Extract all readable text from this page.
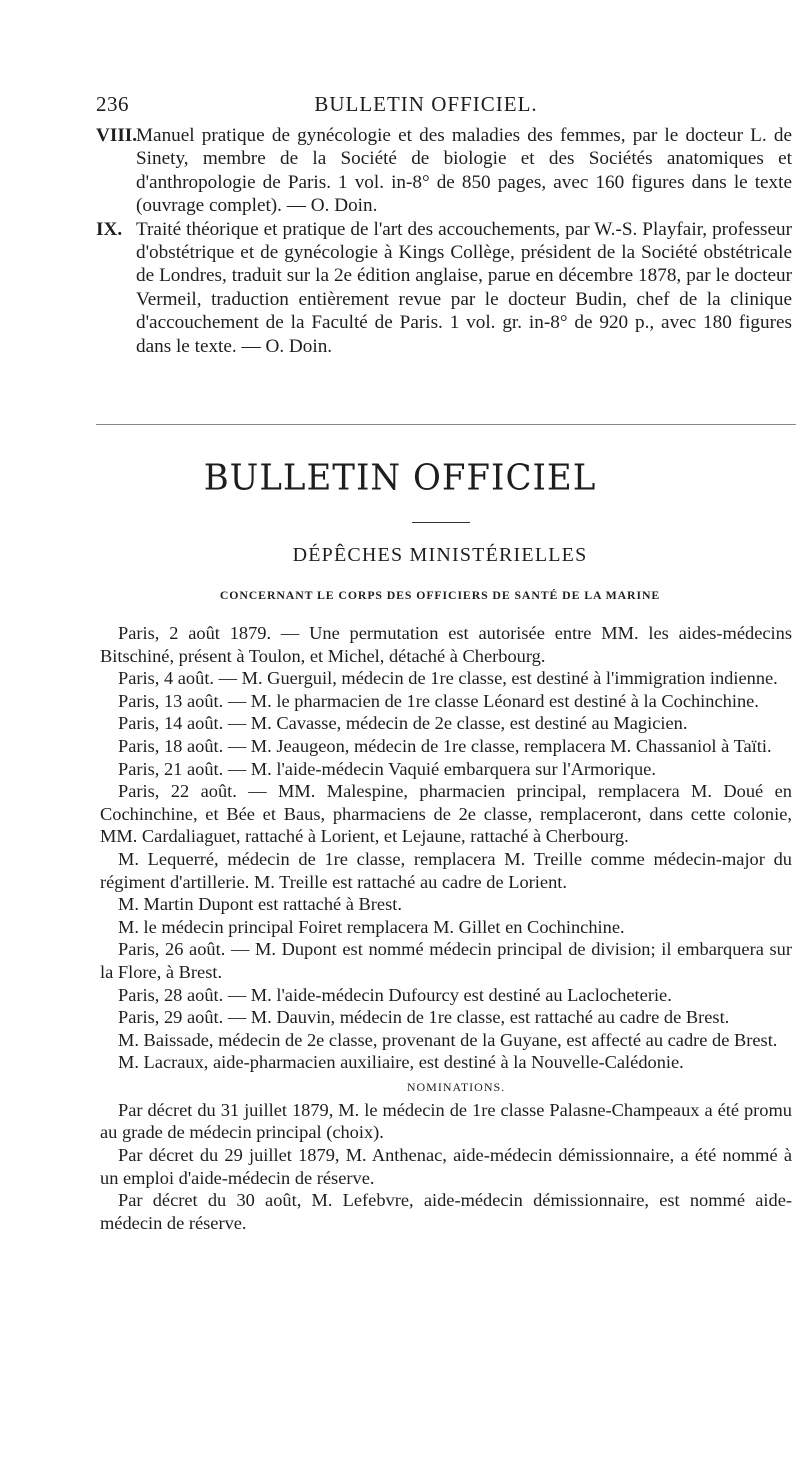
236	BULLETIN OFFICIEL.

VIII.
Manuel pratique de gynécologie et des maladies des femmes, par le docteur L. de Sinety, membre de la Société de biologie et des Sociétés anatomiques et d'anthropologie de Paris. 1 vol. in-8° de 850 pages, avec 160 figures dans le texte (ouvrage complet). — O. Doin.

IX. Traité théorique et pratique de l'art des accouchements, par W.-S. Playfair, professeur d'obstétrique et de gynécologie à Kings Collège, président de la Société obstétricale de Londres, traduit sur la 2e édition anglaise, parue en décembre 1878, par le docteur Vermeil, traduction entièrement revue par le docteur Budin, chef de la clinique d'accouchement de la Faculté de Paris. 1 vol. gr. in-8° de 920 p., avec 180 figures dans le texte. — O. Doin.

BULLETIN OFFICIEL
DÉPÊCHES MINISTÉRIELLES
CONCERNANT LE CORPS DES OFFICIERS DE SANTÉ DE LA MARINE

Paris, 2 août 1879. — Une permutation est autorisée entre MM. les aides-médecins Bitschiné, présent à Toulon, et Michel, détaché à Cherbourg.

Paris, 4 août. — M. Guerguil, médecin de 1re classe, est destiné à l'immigration indienne.

Paris, 13 août. — M. le pharmacien de 1re classe Léonard est destiné à la Cochinchine.

Paris, 14 août. — M. Cavasse, médecin de 2e classe, est destiné au Magicien.

Paris, 18 août. — M. Jeaugeon, médecin de 1re classe, remplacera M. Chassaniol à Taïti.

Paris, 21 août. — M. l'aide-médecin Vaquié embarquera sur l'Armorique.

Paris, 22 août. — MM. Malespine, pharmacien principal, remplacera M. Doué en Cochinchine, et Bée et Baus, pharmaciens de 2e classe, remplaceront, dans cette colonie, MM. Cardaliaguet, rattaché à Lorient, et Lejaune, rattaché à Cherbourg.

M. Lequerré, médecin de 1re classe, remplacera M. Treille comme médecin-major du régiment d'artillerie. M. Treille est rattaché au cadre de Lorient.

M. Martin Dupont est rattaché à Brest.

M. le médecin principal Foiret remplacera M. Gillet en Cochinchine.

Paris, 26 août. — M. Dupont est nommé médecin principal de division; il embarquera sur la Flore, à Brest.

Paris, 28 août. — M. l'aide-médecin Dufourcy est destiné au Laclocheterie.

Paris, 29 août. — M. Dauvin, médecin de 1re classe, est rattaché au cadre de Brest.

M. Baissade, médecin de 2e classe, provenant de la Guyane, est affecté au cadre de Brest.

M. Lacraux, aide-pharmacien auxiliaire, est destiné à la Nouvelle-Calédonie.

NOMINATIONS.

Par décret du 31 juillet 1879, M. le médecin de 1re classe Palasne-Champeaux a été promu au grade de médecin principal (choix).

Par décret du 29 juillet 1879, M. Anthenac, aide-médecin démissionnaire, a été nommé à un emploi d'aide-médecin de réserve.

Par décret du 30 août, M. Lefebvre, aide-médecin démissionnaire, est nommé aide-médecin de réserve.
